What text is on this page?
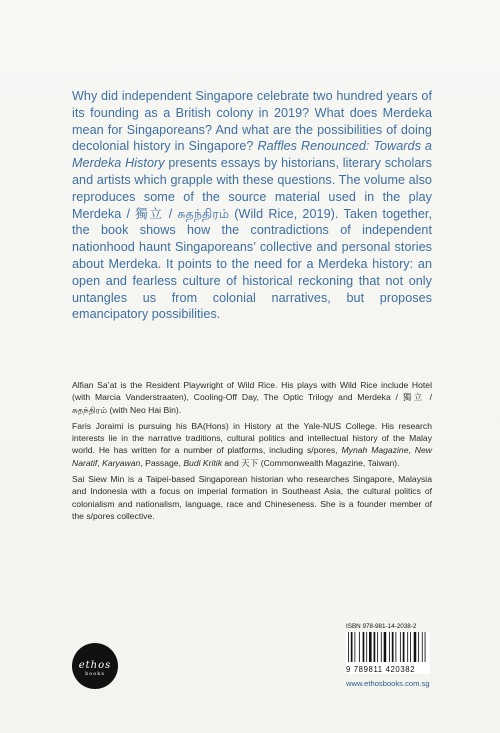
Why did independent Singapore celebrate two hundred years of its founding as a British colony in 2019? What does Merdeka mean for Singaporeans? And what are the possibilities of doing decolonial history in Singapore? Raffles Renounced: Towards a Merdeka History presents essays by historians, literary scholars and artists which grapple with these questions. The volume also reproduces some of the source material used in the play Merdeka / 獨立 / சுதந்திரம் (Wild Rice, 2019). Taken together, the book shows how the contradictions of independent nationhood haunt Singaporeans’ collective and personal stories about Merdeka. It points to the need for a Merdeka history: an open and fearless culture of historical reckoning that not only untangles us from colonial narratives, but proposes emancipatory possibilities.

Alfian Sa’at is the Resident Playwright of Wild Rice. His plays with Wild Rice include Hotel (with Marcia Vanderstraaten), Cooling-Off Day, The Optic Trilogy and Merdeka / 獨立 / சுதந்திரம் (with Neo Hai Bin).

Faris Joraimi is pursuing his BA(Hons) in History at the Yale-NUS College. His research interests lie in the narrative traditions, cultural politics and intellectual history of the Malay world. He has written for a number of platforms, including s/pores, Mynah Magazine, New Naratif, Karyawan, Passage, Budi Kritik and 天下 (Commonwealth Magazine, Taiwan).

Sai Siew Min is a Taipei-based Singaporean historian who researches Singapore, Malaysia and Indonesia with a focus on imperial formation in Southeast Asia, the cultural politics of colonialism and nationalism, language, race and Chineseness. She is a founder member of the s/pores collective.

ethos
books
ISBN 978-981-14-2038-2
9 789811 420382
www.ethosbooks.com.sg
